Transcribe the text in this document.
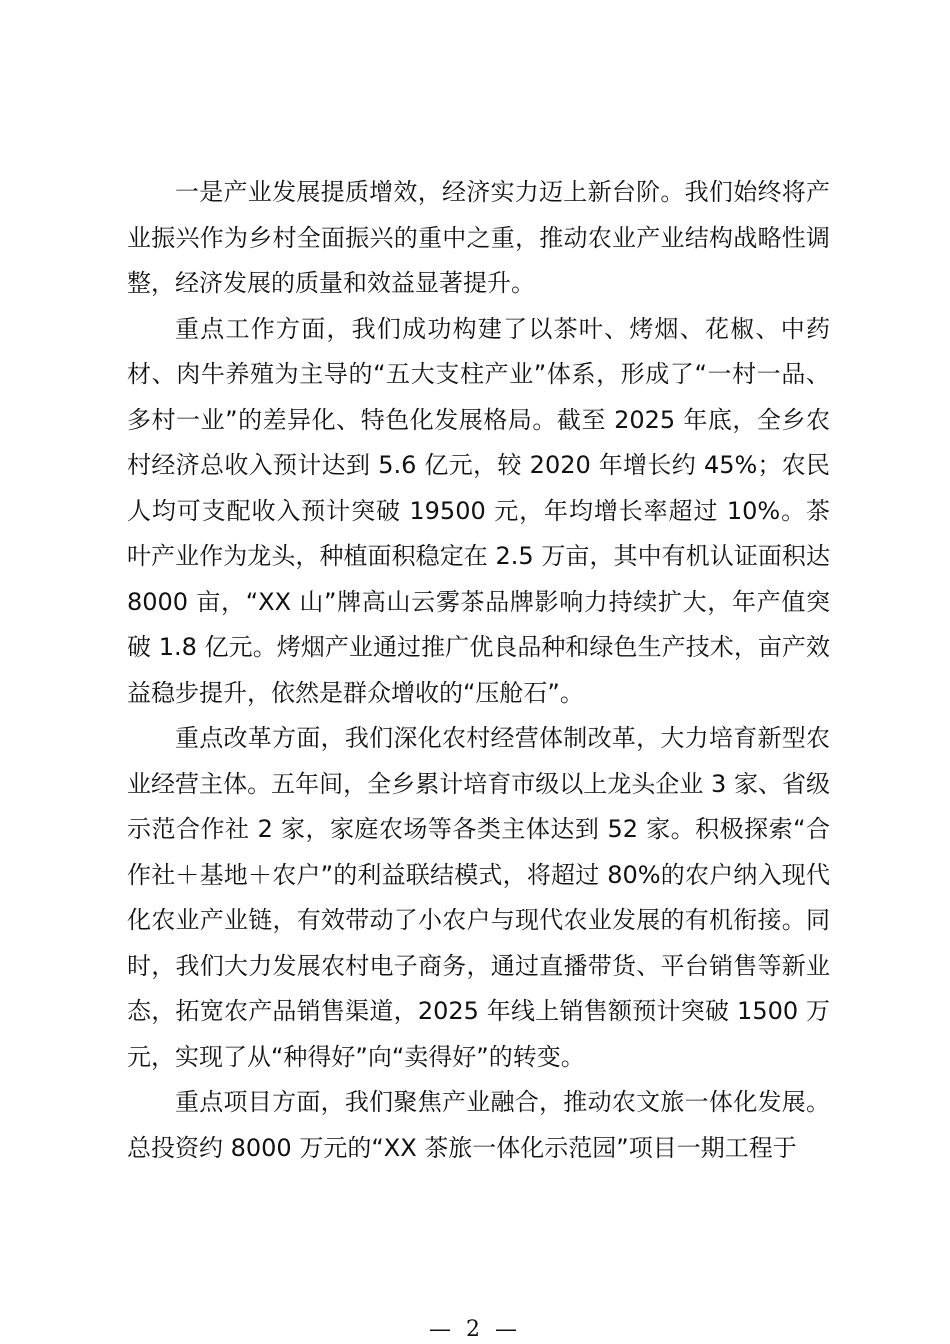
一是产业发展提质增效，经济实力迈上新台阶。我们始终将产业振兴作为乡村全面振兴的重中之重，推动农业产业结构战略性调整，经济发展的质量和效益显著提升。

重点工作方面，我们成功构建了以茶叶、烤烟、花椒、中药材、肉牛养殖为主导的“五大支柱产业”体系，形成了“一村一品、多村一业”的差异化、特色化发展格局。截至 2025 年底，全乡农村经济总收入预计达到 5.6 亿元，较 2020 年增长约 45%；农民人均可支配收入预计突破 19500 元，年均增长率超过 10%。茶叶产业作为龙头，种植面积稳定在 2.5 万亩，其中有机认证面积达 8000 亩，“XX 山”牌高山云雾茶品牌影响力持续扩大，年产值突破 1.8 亿元。烤烟产业通过推广优良品种和绿色生产技术，亩产效益稳步提升，依然是群众增收的“压舱石”。

重点改革方面，我们深化农村经营体制改革，大力培育新型农业经营主体。五年间，全乡累计培育市级以上龙头企业 3 家、省级示范合作社 2 家，家庭农场等各类主体达到 52 家。积极探索“合作社＋基地＋农户”的利益联结模式，将超过 80%的农户纳入现代化农业产业链，有效带动了小农户与现代农业发展的有机衔接。同时，我们大力发展农村电子商务，通过直播带货、平台销售等新业态，拓宽农产品销售渠道，2025 年线上销售额预计突破 1500 万元，实现了从“种得好”向“卖得好”的转变。

重点项目方面，我们聚焦产业融合，推动农文旅一体化发展。总投资约 8000 万元的“XX 茶旅一体化示范园”项目一期工程于

— 2 —
